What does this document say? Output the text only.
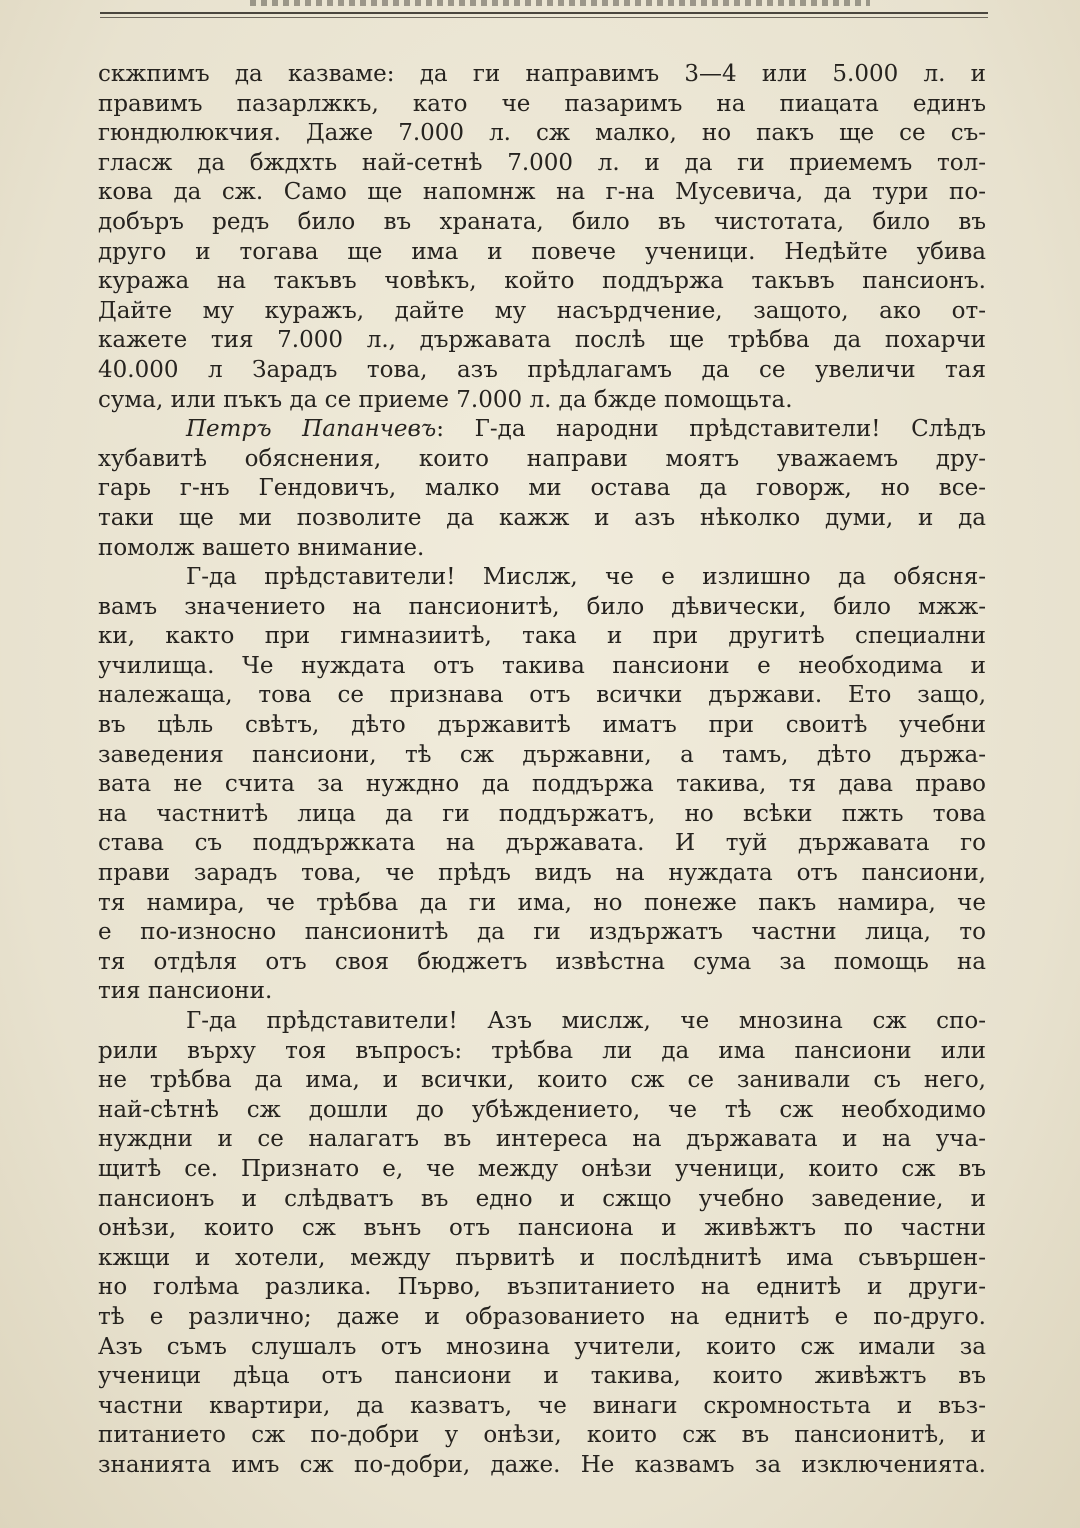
скжпимъ да казваме: да ги направимъ 3—4 или 5.000 л. и
правимъ пазарлжкъ, като че пазаримъ на пиацата единъ
гюндюлюкчия. Даже 7.000 л. сж малко, но пакъ ще се съ-
гласж да бждхть най-сетнѣ 7.000 л. и да ги приемемъ тол-
кова да сж. Само ще напомнж на г-на Мусевича, да тури по-
добъръ редъ било въ храната, било въ чистотата, било въ
друго и тогава ще има и повече ученици. Недѣйте убива
куража на такъвъ човѣкъ, който поддържа такъвъ пансионъ.
Дайте му куражъ, дайте му насърдчение, защото, ако от-
кажете тия 7.000 л., държавата послѣ ще трѣбва да похарчи
40.000 л Зарадъ това, азъ прѣдлагамъ да се увеличи тая
сума, или пъкъ да се приеме 7.000 л. да бжде помощьта.
Петръ Папанчевъ: Г-да народни прѣдставители! Слѣдъ
хубавитѣ обяснения, които направи моятъ уважаемъ дру-
гарь г-нъ Гендовичъ, малко ми остава да говорж, но все-
таки ще ми позволите да кажж и азъ нѣколко думи, и да
помолж вашето внимание.
Г-да прѣдставители! Мислж, че е излишно да обясня-
вамъ значението на пансионитѣ, било дѣвически, било мжж-
ки, както при гимназиитѣ, така и при другитѣ специални
училища. Че нуждата отъ такива пансиони е необходима и
належаща, това се признава отъ всички държави. Ето защо,
въ цѣль свѣтъ, дѣто държавитѣ иматъ при своитѣ учебни
заведения пансиони, тѣ сж държавни, а тамъ, дѣто държа-
вата не счита за нуждно да поддържа такива, тя дава право
на частнитѣ лица да ги поддържатъ, но всѣки пжть това
става съ поддържката на държавата. И туй държавата го
прави зарадъ това, че прѣдъ видъ на нуждата отъ пансиони,
тя намира, че трѣбва да ги има, но понеже пакъ намира, че
е по-износно пансионитѣ да ги издържатъ частни лица, то
тя отдѣля отъ своя бюджетъ извѣстна сума за помощь на
тия пансиони.
Г-да прѣдставители! Азъ мислж, че мнозина сж спо-
рили върху тоя въпросъ: трѣбва ли да има пансиони или
не трѣбва да има, и всички, които сж се занивали съ него,
най-сѣтнѣ сж дошли до убѣждението, че тѣ сж необходимо
нуждни и се налагатъ въ интереса на държавата и на уча-
щитѣ се. Признато е, че между онѣзи ученици, които сж въ
пансионъ и слѣдватъ въ едно и сжщо учебно заведение, и
онѣзи, които сж вънъ отъ пансиона и живѣжтъ по частни
кжщи и хотели, между първитѣ и послѣднитѣ има съвършен-
но голѣма разлика. Първо, възпитанието на еднитѣ и други-
тѣ е различно; даже и образованието на еднитѣ е по-друго.
Азъ съмъ слушалъ отъ мнозина учители, които сж имали за
ученици дѣца отъ пансиони и такива, които живѣжтъ въ
частни квартири, да казватъ, че винаги скромностьта и въз-
питанието сж по-добри у онѣзи, които сж въ пансионитѣ, и
знанията имъ сж по-добри, даже. Не казвамъ за изключенията.
